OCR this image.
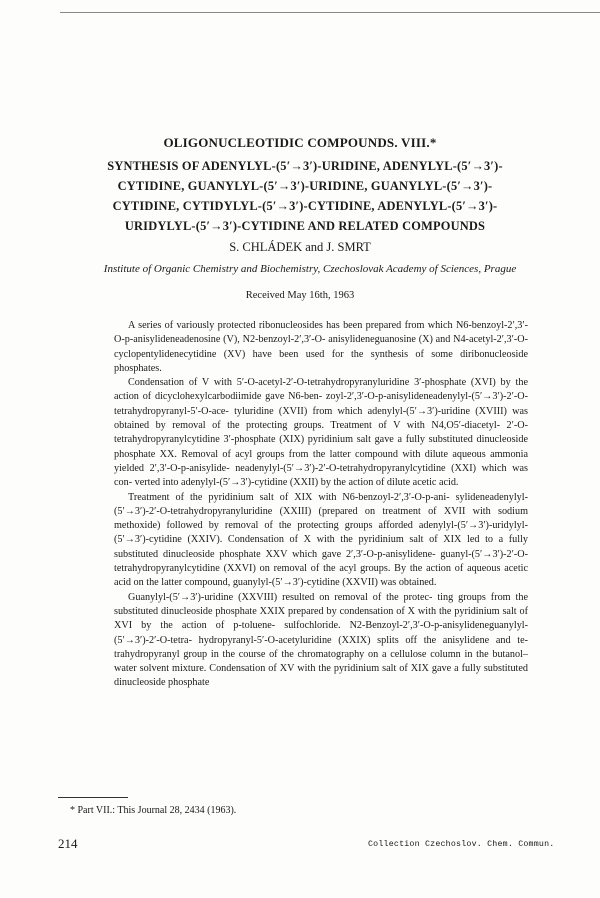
OLIGONUCLEOTIDIC COMPOUNDS. VIII.*
SYNTHESIS OF ADENYLYL-(5′→3′)-URIDINE, ADENYLYL-(5′→3′)-
CYTIDINE, GUANYLYL-(5′→3′)-URIDINE, GUANYLYL-(5′→3′)-
CYTIDINE, CYTIDYLYL-(5′→3′)-CYTIDINE, ADENYLYL-(5′→3′)-
URIDYLYL-(5′→3′)-CYTIDINE AND RELATED COMPOUNDS
S. CHLÁDEK and J. SMRT
Institute of Organic Chemistry and Biochemistry, Czechoslovak Academy of Sciences, Prague
Received May 16th, 1963

A series of variously protected ribonucleosides has been prepared from which N6-benzoyl-2′,3′-O-p-anisylideneadenosine (V), N2-benzoyl-2′,3′-O- anisylideneguanosine (X) and N4-acetyl-2′,3′-O-cyclopentylidenecytidine (XV) have been used for the synthesis of some diribonucleoside phosphates.

Condensation of V with 5′-O-acetyl-2′-O-tetrahydropyranyluridine 3′-phosphate (XVI) by the action of dicyclohexylcarbodiimide gave N6-ben- zoyl-2′,3′-O-p-anisylideneadenylyl-(5′→3′)-2′-O-tetrahydropyranyl-5′-O-ace- tyluridine (XVII) from which adenylyl-(5′→3′)-uridine (XVIII) was obtained by removal of the protecting groups. Treatment of V with N4,O5′-diacetyl- 2′-O-tetrahydropyranylcytidine 3′-phosphate (XIX) pyridinium salt gave a fully substituted dinucleoside phosphate XX. Removal of acyl groups from the latter compound with dilute aqueous ammonia yielded 2′,3′-O-p-anisylide- neadenylyl-(5′→3′)-2′-O-tetrahydropyranylcytidine (XXI) which was con- verted into adenylyl-(5′→3′)-cytidine (XXII) by the action of dilute acetic acid.

Treatment of the pyridinium salt of XIX with N6-benzoyl-2′,3′-O-p-ani- sylideneadenylyl-(5′→3′)-2′-O-tetrahydropyranyluridine (XXIII) (prepared on treatment of XVII with sodium methoxide) followed by removal of the protecting groups afforded adenylyl-(5′→3′)-uridylyl-(5′→3′)-cytidine (XXIV). Condensation of X with the pyridinium salt of XIX led to a fully substituted dinucleoside phosphate XXV which gave 2′,3′-O-p-anisylidene- guanyl-(5′→3′)-2′-O-tetrahydropyranylcytidine (XXVI) on removal of the acyl groups. By the action of aqueous acetic acid on the latter compound, guanylyl-(5′→3′)-cytidine (XXVII) was obtained.

Guanylyl-(5′→3′)-uridine (XXVIII) resulted on removal of the protec- ting groups from the substituted dinucleoside phosphate XXIX prepared by condensation of X with the pyridinium salt of XVI by the action of p-toluene- sulfochloride. N2-Benzoyl-2′,3′-O-p-anisylideneguanylyl-(5′→3′)-2′-O-tetra- hydropyranyl-5′-O-acetyluridine (XXIX) splits off the anisylidene and te- trahydropyranyl group in the course of the chromatography on a cellulose column in the butanol–water solvent mixture. Condensation of XV with the pyridinium salt of XIX gave a fully substituted dinucleoside phosphate

* Part VII.: This Journal 28, 2434 (1963).
214	Collection Czechoslov. Chem. Commun.
